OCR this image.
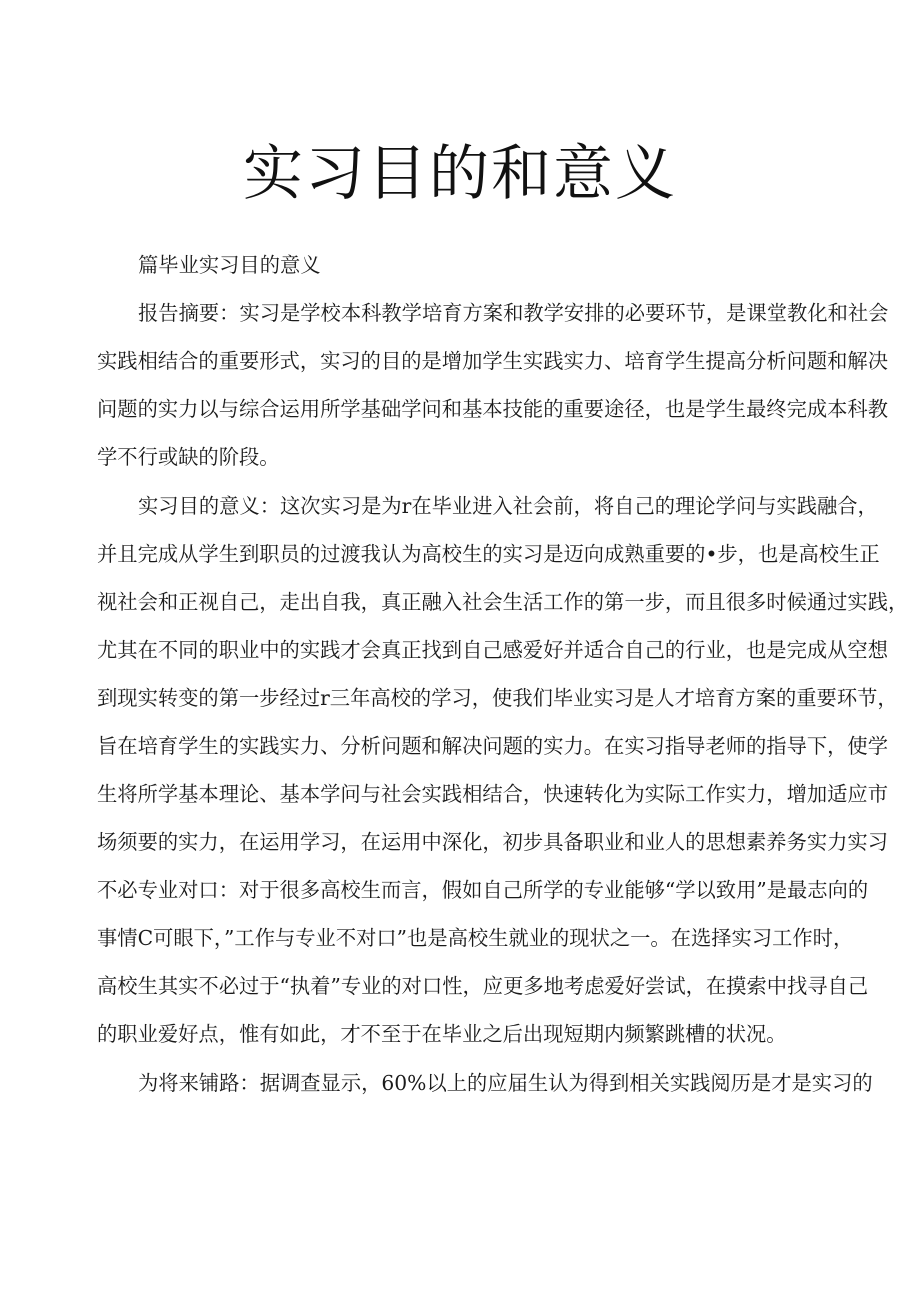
实习目的和意义
篇毕业实习目的意义
报告摘要：实习是学校本科教学培育方案和教学安排的必要环节，是课堂教化和社会
实践相结合的重要形式，实习的目的是增加学生实践实力、培育学生提高分析问题和解决
问题的实力以与综合运用所学基础学问和基本技能的重要途径，也是学生最终完成本科教
学不行或缺的阶段。
实习目的意义：这次实习是为r在毕业进入社会前，将自己的理论学问与实践融合，
并且完成从学生到职员的过渡我认为高校生的实习是迈向成熟重要的•步，也是高校生正
视社会和正视自己，走出自我，真正融入社会生活工作的第一步，而且很多时候通过实践，
尤其在不同的职业中的实践才会真正找到自己感爱好并适合自己的行业，也是完成从空想
到现实转变的第一步经过r三年高校的学习，使我们毕业实习是人才培育方案的重要环节，
旨在培育学生的实践实力、分析问题和解决问题的实力。在实习指导老师的指导下，使学
生将所学基本理论、基本学问与社会实践相结合，快速转化为实际工作实力，增加适应市
场须要的实力，在运用学习，在运用中深化，初步具备职业和业人的思想素养务实力实习
不必专业对口：对于很多高校生而言，假如自己所学的专业能够“学以致用”是最志向的
事情C可眼下，”工作与专业不对口”也是高校生就业的现状之一。在选择实习工作时，
高校生其实不必过于“执着”专业的对口性，应更多地考虑爱好尝试，在摸索中找寻自己
的职业爱好点，惟有如此，才不至于在毕业之后出现短期内频繁跳槽的状况。
为将来铺路：据调查显示，60%以上的应届生认为得到相关实践阅历是才是实习的
